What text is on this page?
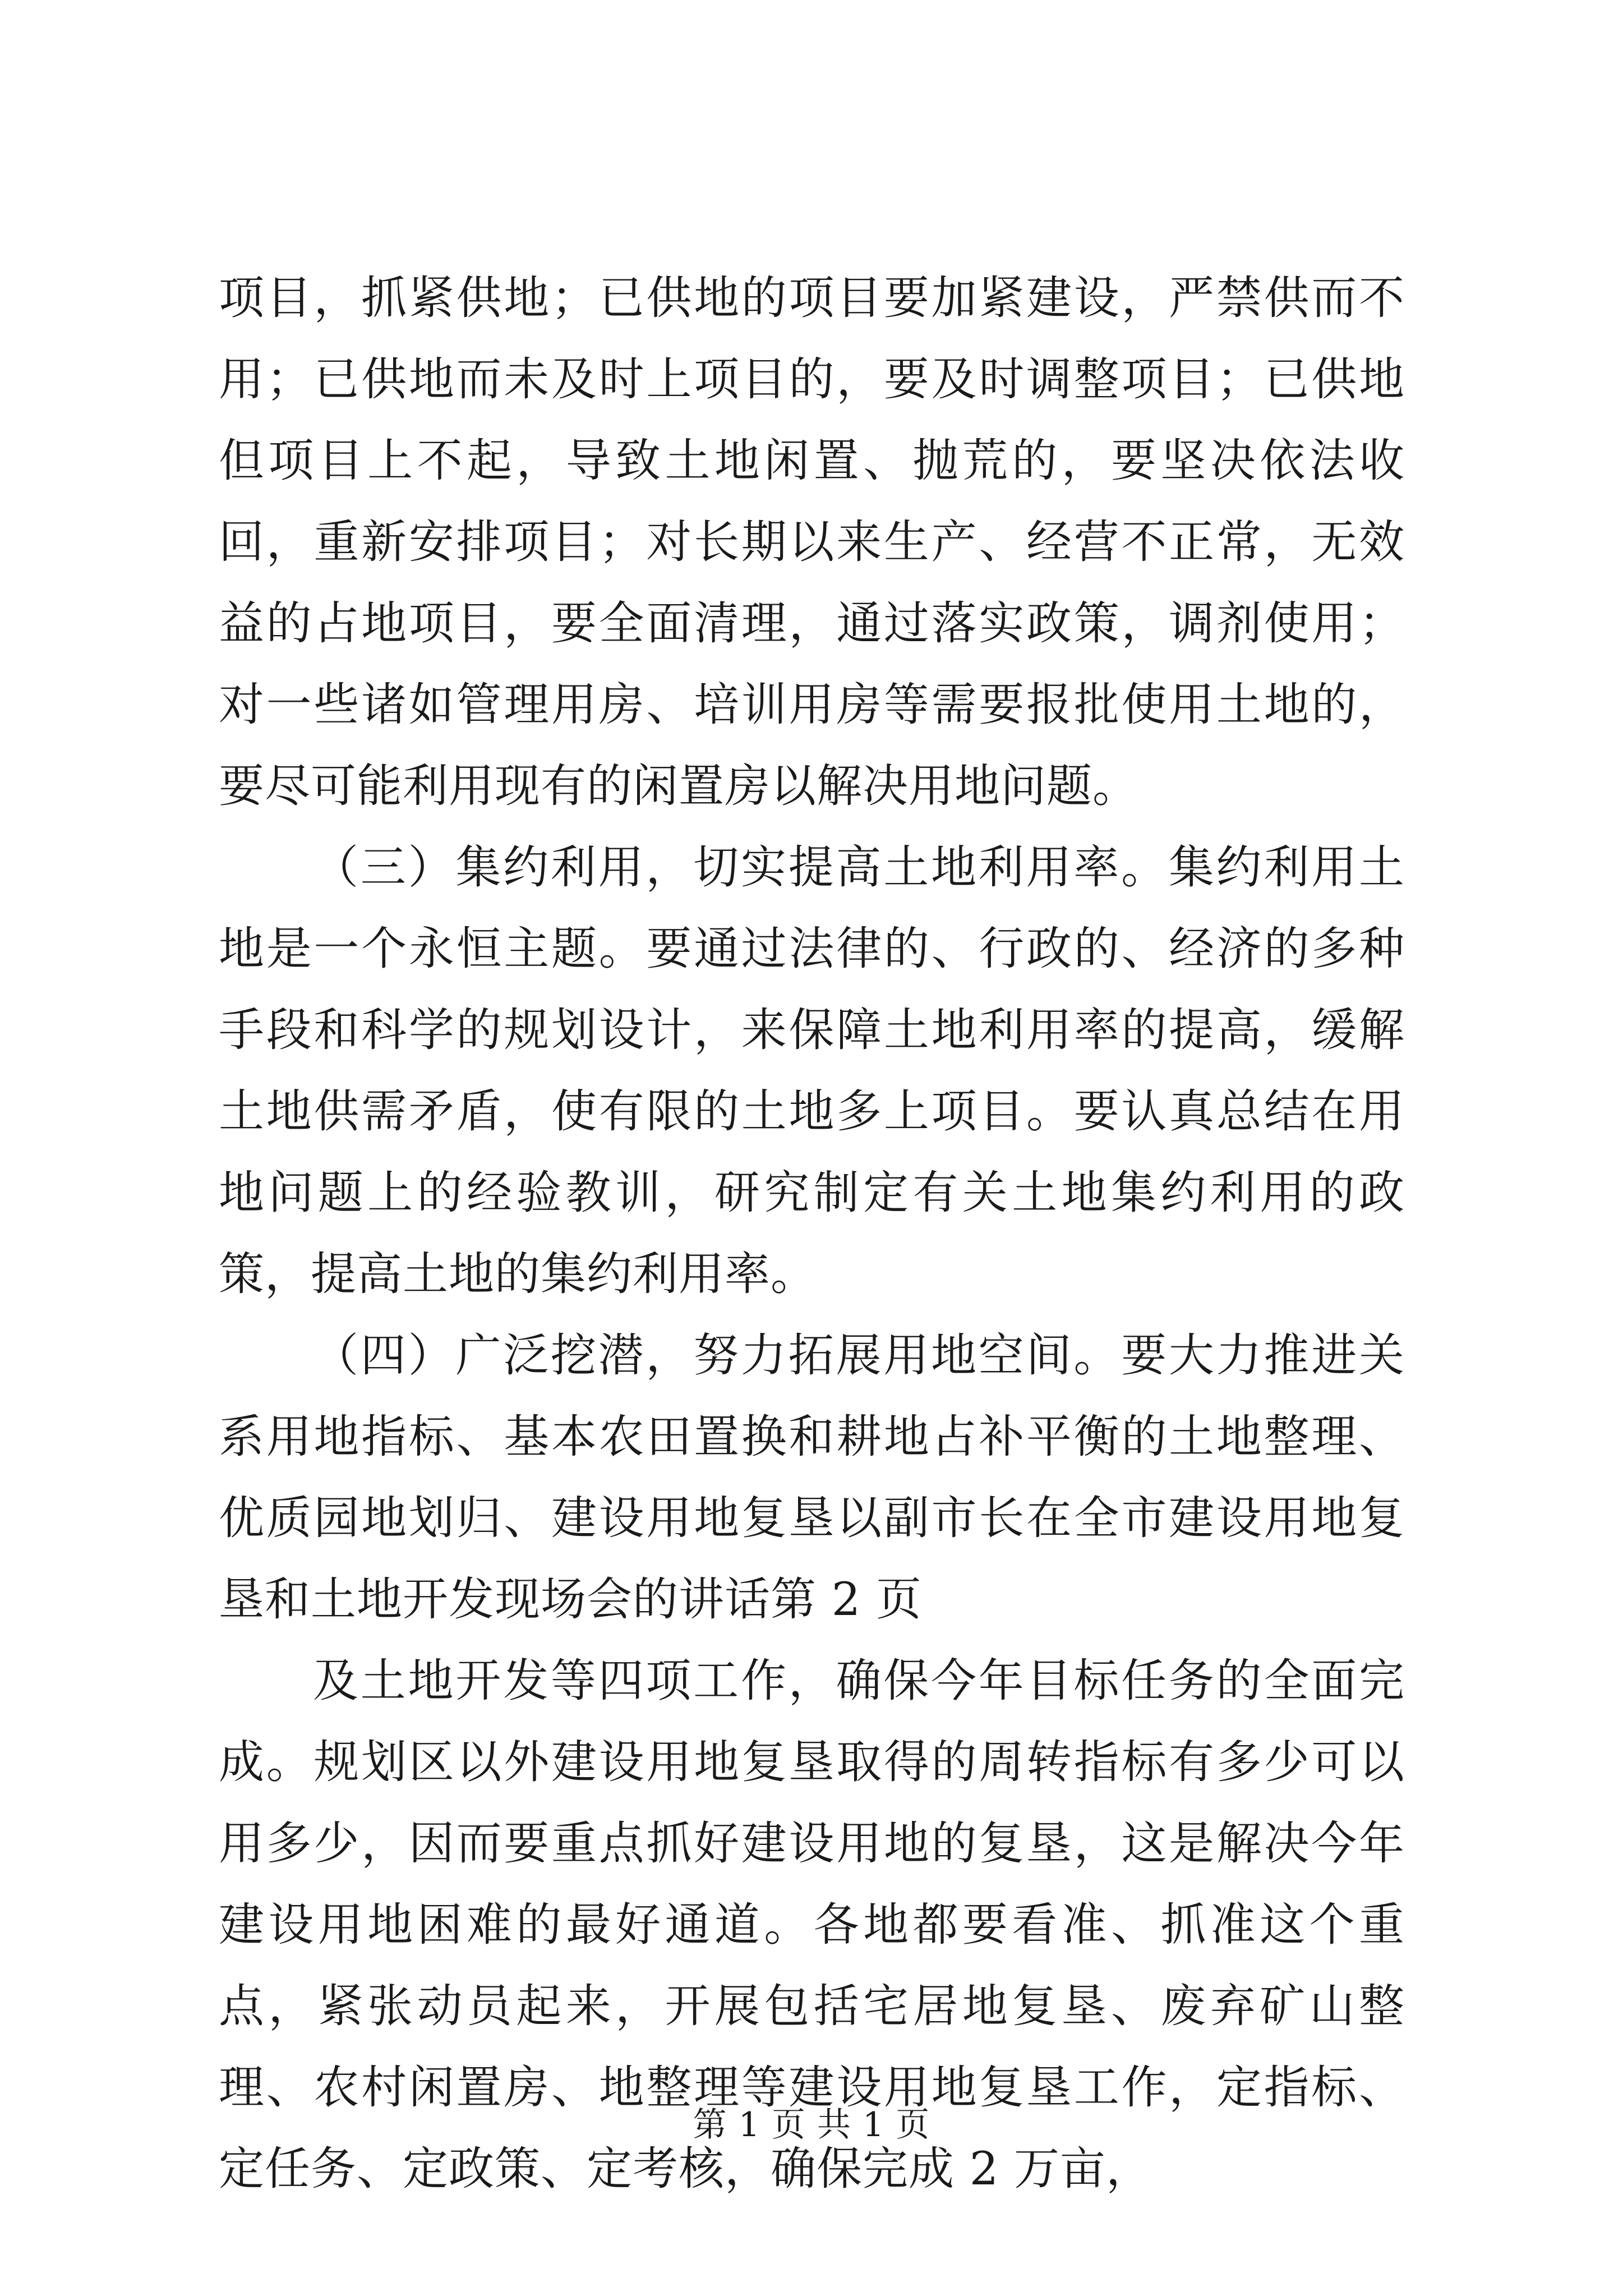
项目，抓紧供地；已供地的项目要加紧建设，严禁供而不用；已供地而未及时上项目的，要及时调整项目；已供地但项目上不起，导致土地闲置、抛荒的，要坚决依法收回，重新安排项目；对长期以来生产、经营不正常，无效益的占地项目，要全面清理，通过落实政策，调剂使用；对一些诸如管理用房、培训用房等需要报批使用土地的，要尽可能利用现有的闲置房以解决用地问题。

（三）集约利用，切实提高土地利用率。集约利用土地是一个永恒主题。要通过法律的、行政的、经济的多种手段和科学的规划设计，来保障土地利用率的提高，缓解土地供需矛盾，使有限的土地多上项目。要认真总结在用地问题上的经验教训，研究制定有关土地集约利用的政策，提高土地的集约利用率。

（四）广泛挖潜，努力拓展用地空间。要大力推进关系用地指标、基本农田置换和耕地占补平衡的土地整理、优质园地划归、建设用地复垦以副市长在全市建设用地复垦和土地开发现场会的讲话第 2 页

及土地开发等四项工作，确保今年目标任务的全面完成。规划区以外建设用地复垦取得的周转指标有多少可以用多少，因而要重点抓好建设用地的复垦，这是解决今年建设用地困难的最好通道。各地都要看准、抓准这个重点，紧张动员起来，开展包括宅居地复垦、废弃矿山整理、农村闲置房、地整理等建设用地复垦工作，定指标、定任务、定政策、定考核，确保完成 2 万亩，

第 1 页 共 1 页
